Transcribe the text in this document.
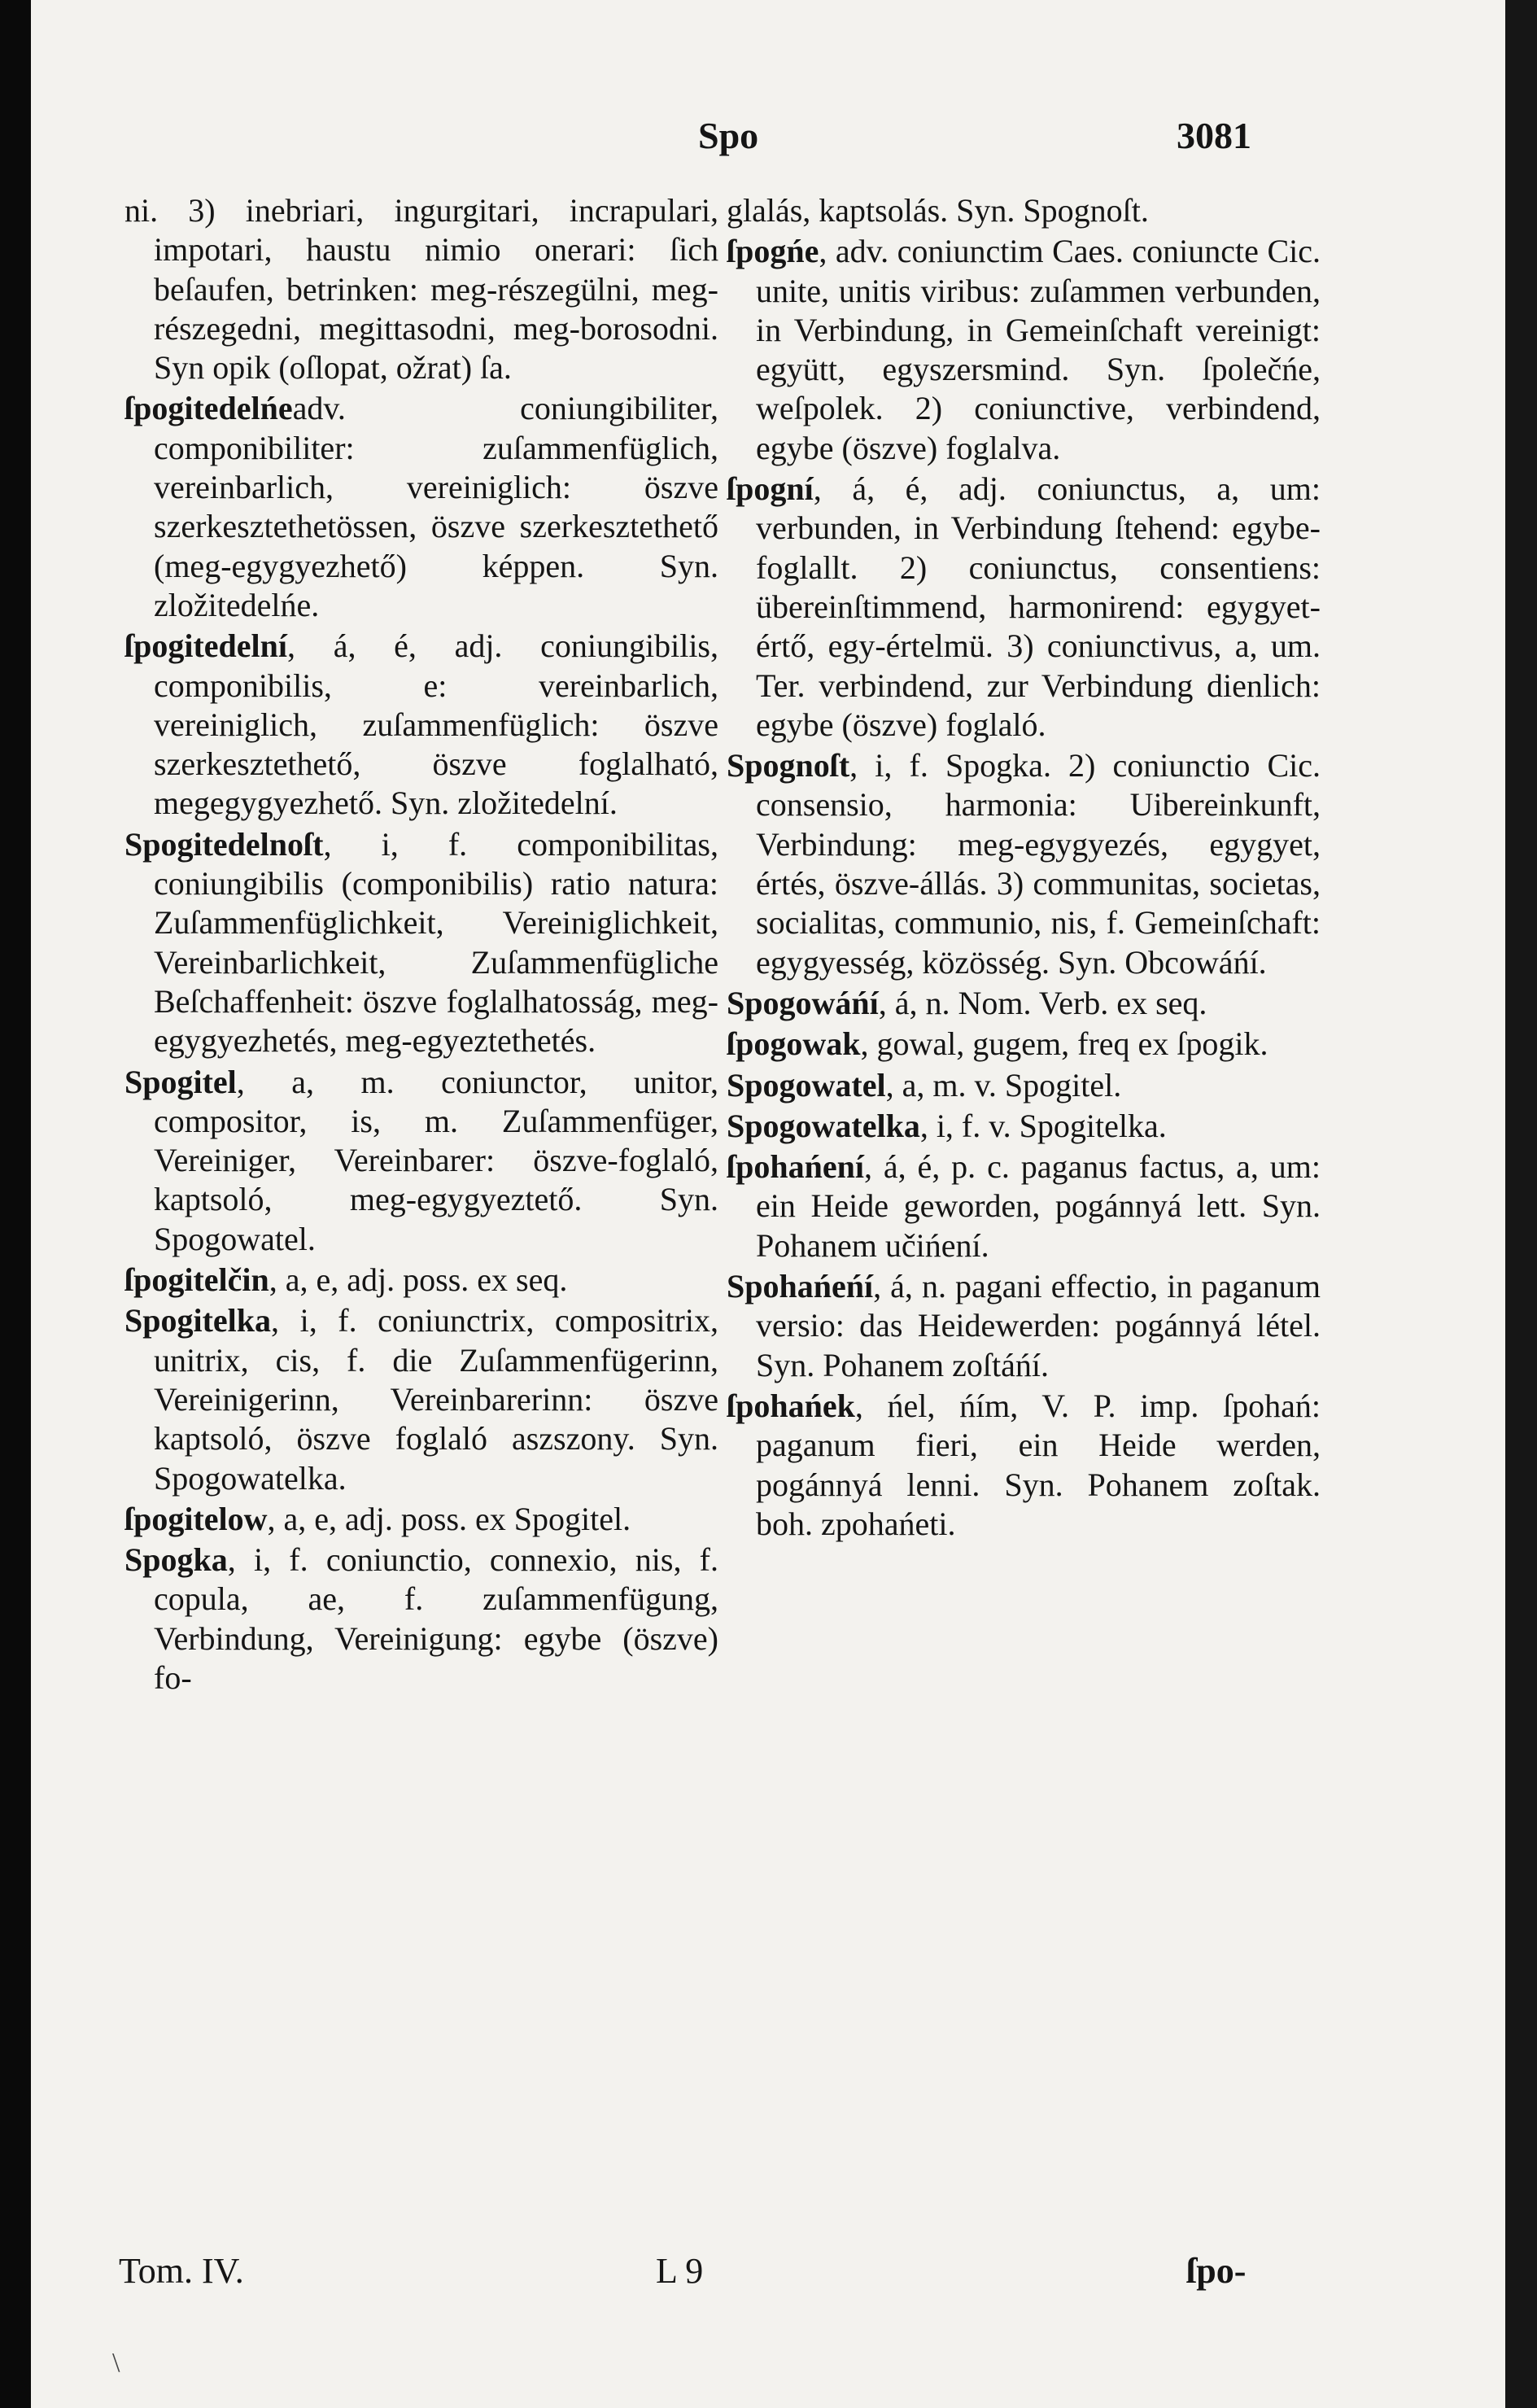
Spo	3081

ni. 3) inebriari, ingurgitari, incrapulari, impotari, haustu nimio onerari: ſich beſaufen, betrinken: meg-részegülni, meg-részegedni, megittasodni, meg-borosodni. Syn opik (oſlopat, ožrat) ſa.

ſpogitedelńeadv. coniungibiliter, componibiliter: zuſammenfüglich, vereinbarlich, vereiniglich: öszve szerkesztethetössen, öszve szerkesztethető (meg-egygyezhető) képpen. Syn. zložitedelńe.

ſpogitedelní, á, é, adj. coniungibilis, componibilis, e: vereinbarlich, vereiniglich, zuſammenfüglich: öszve szerkesztethető, öszve foglalható, megegygyezhető. Syn. zložitedelní.

Spogitedelnoſt, i, f. componibilitas, coniungibilis (componibilis) ratio natura: Zuſammenfüglichkeit, Vereiniglichkeit, Vereinbarlichkeit, Zuſammenfügliche Beſchaffenheit: öszve foglalhatosság, meg-egygyezhetés, meg-egyeztethetés.

Spogitel, a, m. coniunctor, unitor, compositor, is, m. Zuſammenfüger, Vereiniger, Vereinbarer: öszve-foglaló, kaptsoló, meg-egygyeztető. Syn. Spogowatel.

ſpogitelčin, a, e, adj. poss. ex seq.

Spogitelka, i, f. coniunctrix, compositrix, unitrix, cis, f. die Zuſammenfügerinn, Vereinigerinn, Vereinbarerinn: öszve kaptsoló, öszve foglaló aszszony. Syn. Spogowatelka.

ſpogitelow, a, e, adj. poss. ex Spogitel.

Spogka, i, f. coniunctio, connexio, nis, f. copula, ae, f. zuſammenfügung, Verbindung, Vereinigung: egybe (öszve) fo-

glalás, kaptsolás. Syn. Spognoſt.

ſpogńe, adv. coniunctim Caes. coniuncte Cic. unite, unitis viribus: zuſammen verbunden, in Verbindung, in Gemeinſchaft vereinigt: együtt, egyszersmind. Syn. ſpolečńe, weſpolek. 2) coniunctive, verbindend, egybe (öszve) foglalva.

ſpogní, á, é, adj. coniunctus, a, um: verbunden, in Verbindung ſtehend: egybe-foglallt. 2) coniunctus, consentiens: übereinſtimmend, harmonirend: egygyet-értő, egy-értelmü. 3) coniunctivus, a, um. Ter. verbindend, zur Verbindung dienlich: egybe (öszve) foglaló.

Spognoſt, i, f. Spogka. 2) coniunctio Cic. consensio, harmonia: Uibereinkunft, Verbindung: meg-egygyezés, egygyet, értés, öszve-állás. 3) communitas, societas, socialitas, communio, nis, f. Gemeinſchaft: egygyesség, közösség. Syn. Obcowáńí.

Spogowáńí, á, n. Nom. Verb. ex seq.

ſpogowak, gowal, gugem, freq ex ſpogik.

Spogowatel, a, m. v. Spogitel.

Spogowatelka, i, f. v. Spogitelka.

ſpohańení, á, é, p. c. paganus factus, a, um: ein Heide geworden, pogánnyá lett. Syn. Pohanem učińení.

Spohańeńí, á, n. pagani effectio, in paganum versio: das Heidewerden: pogánnyá létel. Syn. Pohanem zoſtáńí.

ſpohańek, ńel, ńím, V. P. imp. ſpohań: paganum fieri, ein Heide werden, pogánnyá lenni. Syn. Pohanem zoſtak. boh. zpohańeti.

Tom. IV.	L 9	ſpo-
\
